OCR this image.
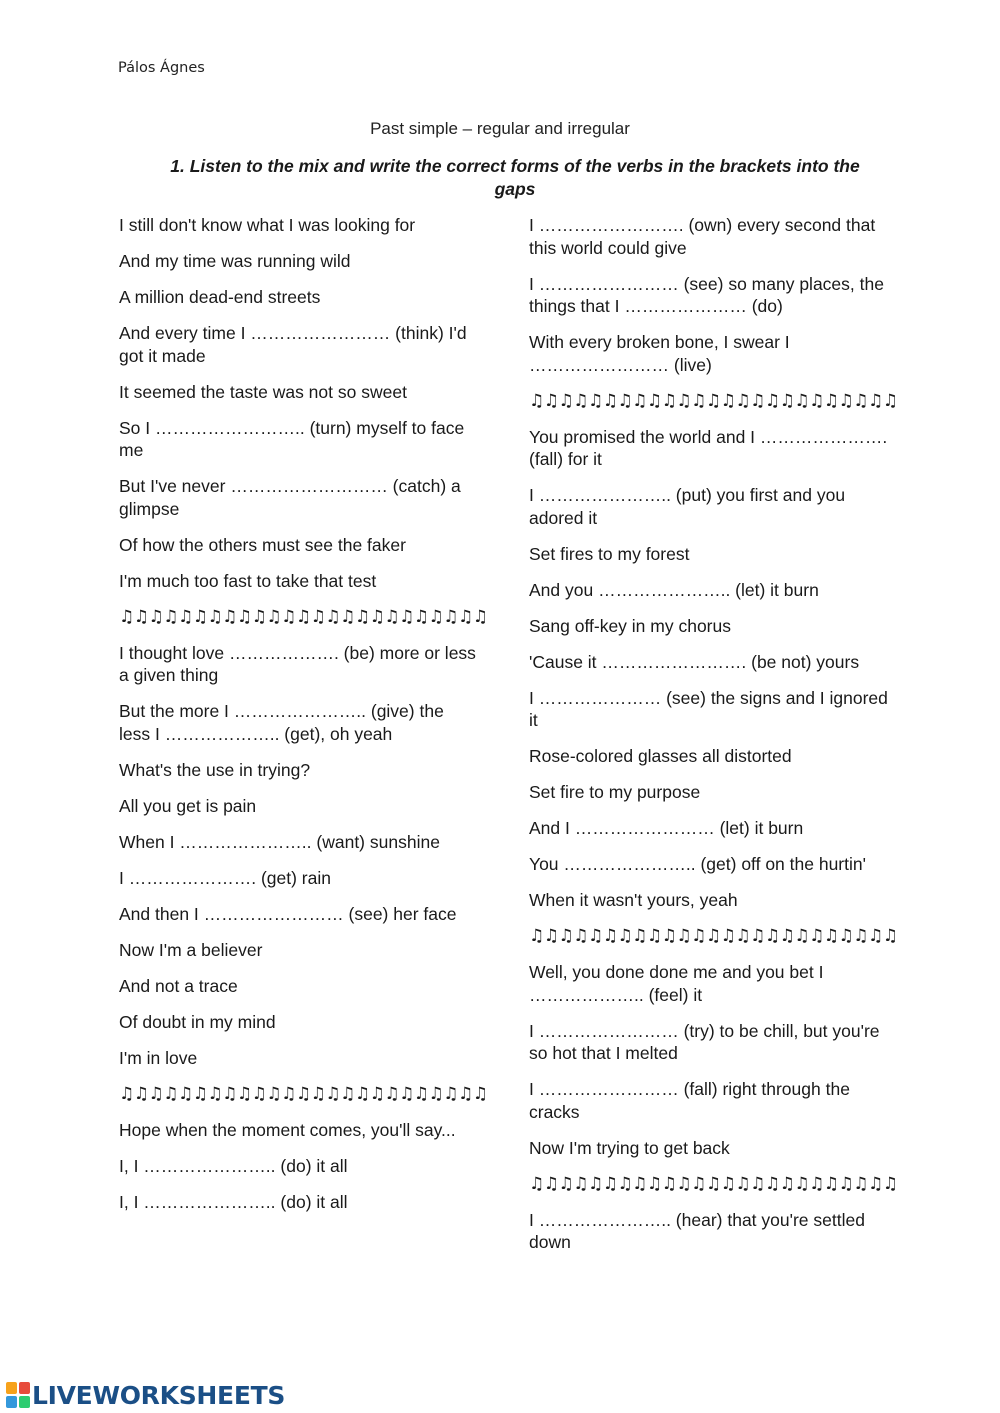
Pálos Ágnes
Past simple – regular and irregular
1. Listen to the mix and write the correct forms of the verbs in the brackets into the gaps
I still don't know what I was looking for
And my time was running wild
A million dead-end streets
And every time I …………………… (think) I'd got it made
It seemed the taste was not so sweet
So I …………………….. (turn) myself to face me
But I've never ……………………… (catch) a glimpse
Of how the others must see the faker
I'm much too fast to take that test
♫♫♫♫♫♫♫♫♫♫♫♫♫♫♫♫♫♫♫♫♫♫♫♫♫
I thought love ………………. (be) more or less a given thing
But the more I ………………….. (give) the less I ……………….. (get), oh yeah
What's the use in trying?
All you get is pain
When I ………………….. (want) sunshine
I …………………. (get) rain
And then I …………………… (see) her face
Now I'm a believer
And not a trace
Of doubt in my mind
I'm in love
♫♫♫♫♫♫♫♫♫♫♫♫♫♫♫♫♫♫♫♫♫♫♫♫♫
Hope when the moment comes, you'll say...
I, I ………………….. (do) it all
I, I ………………….. (do) it all
I ……………………. (own) every second that this world could give
I …………………… (see) so many places, the things that I ………………… (do)
With every broken bone, I swear I …………………… (live)
♫♫♫♫♫♫♫♫♫♫♫♫♫♫♫♫♫♫♫♫♫♫♫♫♫
You promised the world and I …………………. (fall) for it
I ………………….. (put) you first and you adored it
Set fires to my forest
And you ………………….. (let) it burn
Sang off-key in my chorus
'Cause it ……………………. (be not) yours
I ………………… (see) the signs and I ignored it
Rose-colored glasses all distorted
Set fire to my purpose
And I …………………… (let) it burn
You ………………….. (get) off on the hurtin'
When it wasn't yours, yeah
♫♫♫♫♫♫♫♫♫♫♫♫♫♫♫♫♫♫♫♫♫♫♫♫♫
Well, you done done me and you bet I ……………….. (feel) it
I …………………… (try) to be chill, but you're so hot that I melted
I …………………… (fall) right through the cracks
Now I'm trying to get back
♫♫♫♫♫♫♫♫♫♫♫♫♫♫♫♫♫♫♫♫♫♫♫♫♫
I ………………….. (hear) that you're settled down
LIVEWORKSHEETS
